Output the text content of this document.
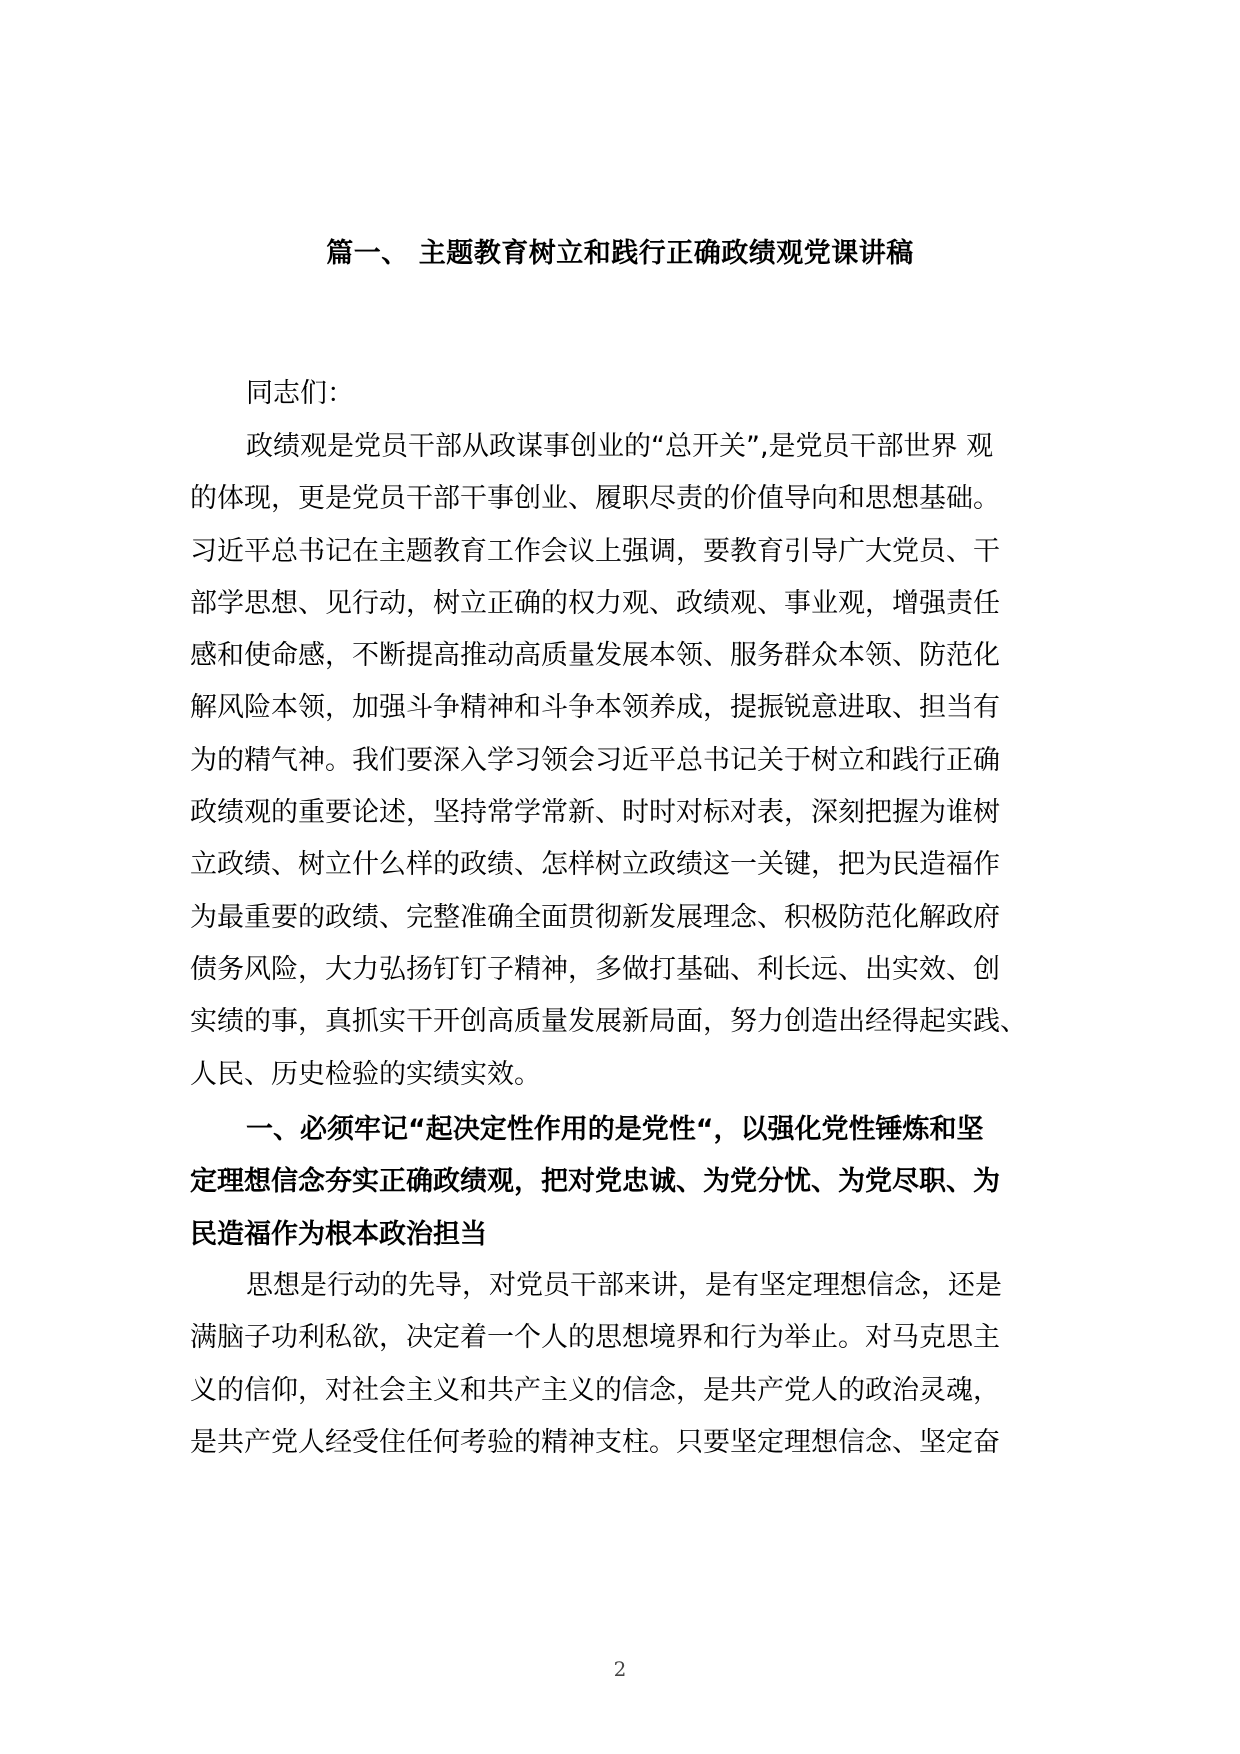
篇一、 主题教育树立和践行正确政绩观党课讲稿
同志们：
政绩观是党员干部从政谋事创业的“总开关”,是党员干部世界 观
的体现，更是党员干部干事创业、履职尽责的价值导向和思想基础。
习近平总书记在主题教育工作会议上强调，要教育引导广大党员、干
部学思想、见行动，树立正确的权力观、政绩观、事业观，增强责任
感和使命感，不断提高推动高质量发展本领、服务群众本领、防范化
解风险本领，加强斗争精神和斗争本领养成，提振锐意进取、担当有
为的精气神。我们要深入学习领会习近平总书记关于树立和践行正确
政绩观的重要论述，坚持常学常新、时时对标对表，深刻把握为谁树
立政绩、树立什么样的政绩、怎样树立政绩这一关键，把为民造福作
为最重要的政绩、完整准确全面贯彻新发展理念、积极防范化解政府
债务风险，大力弘扬钉钉子精神，多做打基础、利长远、出实效、创
实绩的事，真抓实干开创高质量发展新局面，努力创造出经得起实践、
人民、历史检验的实绩实效。
一、必须牢记“起决定性作用的是党性“，以强化党性锤炼和坚
定理想信念夯实正确政绩观，把对党忠诚、为党分忧、为党尽职、为
民造福作为根本政治担当
思想是行动的先导，对党员干部来讲，是有坚定理想信念，还是
满脑子功利私欲，决定着一个人的思想境界和行为举止。对马克思主
义的信仰，对社会主义和共产主义的信念，是共产党人的政治灵魂，
是共产党人经受住任何考验的精神支柱。只要坚定理想信念、坚定奋
2
